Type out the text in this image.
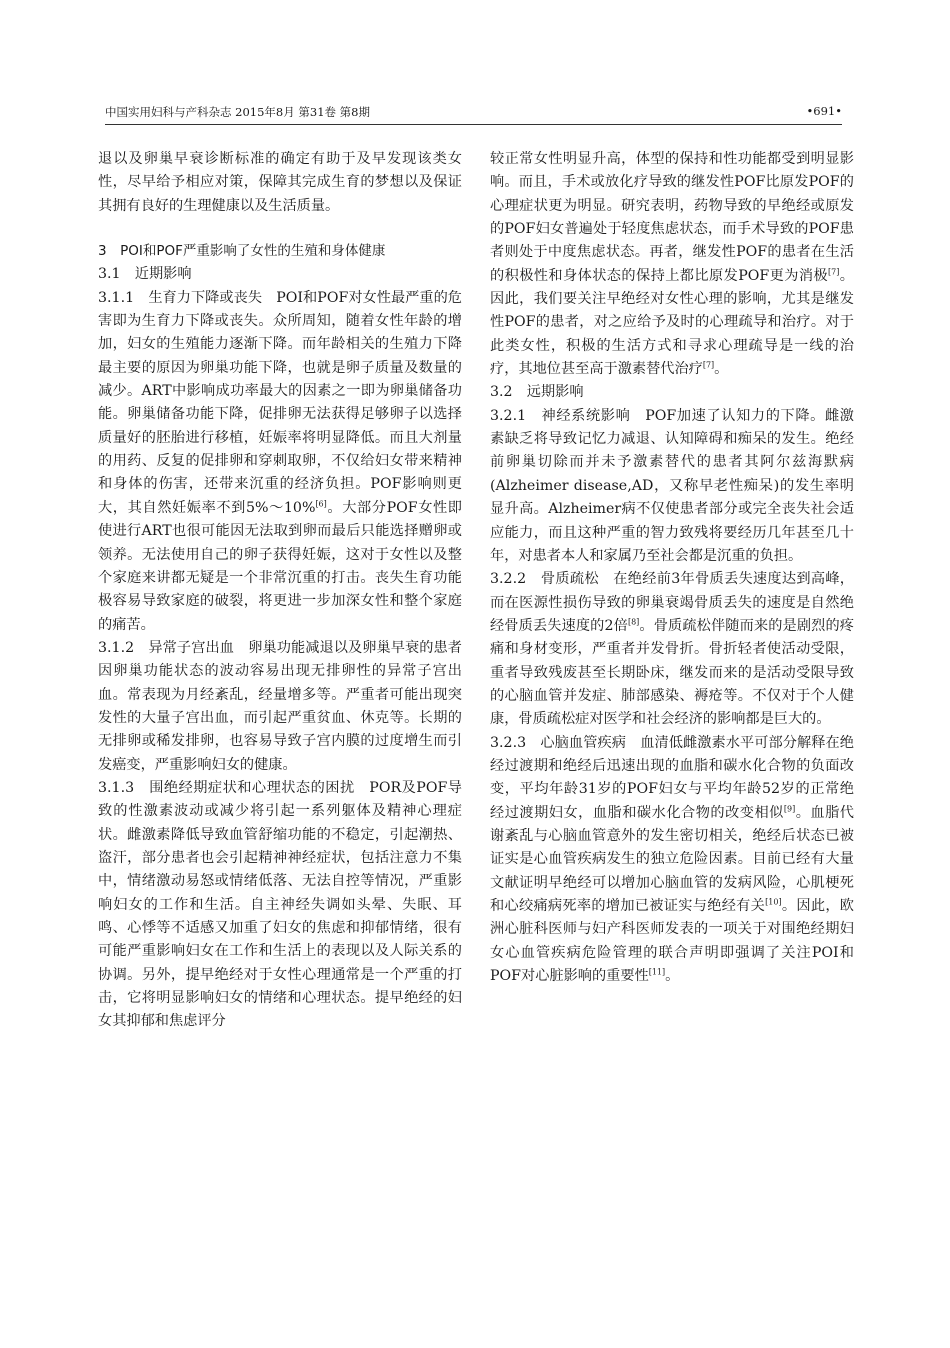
中国实用妇科与产科杂志 2015年8月 第31卷 第8期	•691•

退以及卵巢早衰诊断标准的确定有助于及早发现该类女性，尽早给予相应对策，保障其完成生育的梦想以及保证其拥有良好的生理健康以及生活质量。

3　POI和POF严重影响了女性的生殖和身体健康

3.1　近期影响

3.1.1　生育力下降或丧失　POI和POF对女性最严重的危害即为生育力下降或丧失。众所周知，随着女性年龄的增加，妇女的生殖能力逐渐下降。而年龄相关的生殖力下降最主要的原因为卵巢功能下降，也就是卵子质量及数量的减少。ART中影响成功率最大的因素之一即为卵巢储备功能。卵巢储备功能下降，促排卵无法获得足够卵子以选择质量好的胚胎进行移植，妊娠率将明显降低。而且大剂量的用药、反复的促排卵和穿刺取卵，不仅给妇女带来精神和身体的伤害，还带来沉重的经济负担。POF影响则更大，其自然妊娠率不到5%～10%[6]。大部分POF女性即使进行ART也很可能因无法取到卵而最后只能选择赠卵或领养。无法使用自己的卵子获得妊娠，这对于女性以及整个家庭来讲都无疑是一个非常沉重的打击。丧失生育功能极容易导致家庭的破裂，将更进一步加深女性和整个家庭的痛苦。

3.1.2　异常子宫出血　卵巢功能减退以及卵巢早衰的患者因卵巢功能状态的波动容易出现无排卵性的异常子宫出血。常表现为月经紊乱，经量增多等。严重者可能出现突发性的大量子宫出血，而引起严重贫血、休克等。长期的无排卵或稀发排卵，也容易导致子宫内膜的过度增生而引发癌变，严重影响妇女的健康。

3.1.3　围绝经期症状和心理状态的困扰　POR及POF导致的性激素波动或减少将引起一系列躯体及精神心理症状。雌激素降低导致血管舒缩功能的不稳定，引起潮热、盗汗，部分患者也会引起精神神经症状，包括注意力不集中，情绪激动易怒或情绪低落、无法自控等情况，严重影响妇女的工作和生活。自主神经失调如头晕、失眠、耳鸣、心悸等不适感又加重了妇女的焦虑和抑郁情绪，很有可能严重影响妇女在工作和生活上的表现以及人际关系的协调。另外，提早绝经对于女性心理通常是一个严重的打击，它将明显影响妇女的情绪和心理状态。提早绝经的妇女其抑郁和焦虑评分

较正常女性明显升高，体型的保持和性功能都受到明显影响。而且，手术或放化疗导致的继发性POF比原发POF的心理症状更为明显。研究表明，药物导致的早绝经或原发的POF妇女普遍处于轻度焦虑状态，而手术导致的POF患者则处于中度焦虑状态。再者，继发性POF的患者在生活的积极性和身体状态的保持上都比原发POF更为消极[7]。因此，我们要关注早绝经对女性心理的影响，尤其是继发性POF的患者，对之应给予及时的心理疏导和治疗。对于此类女性，积极的生活方式和寻求心理疏导是一线的治疗，其地位甚至高于激素替代治疗[7]。

3.2　远期影响

3.2.1　神经系统影响　POF加速了认知力的下降。雌激素缺乏将导致记忆力减退、认知障碍和痴呆的发生。绝经前卵巢切除而并未予激素替代的患者其阿尔兹海默病(Alzheimer disease,AD，又称早老性痴呆)的发生率明显升高。Alzheimer病不仅使患者部分或完全丧失社会适应能力，而且这种严重的智力致残将要经历几年甚至几十年，对患者本人和家属乃至社会都是沉重的负担。

3.2.2　骨质疏松　在绝经前3年骨质丢失速度达到高峰，而在医源性损伤导致的卵巢衰竭骨质丢失的速度是自然绝经骨质丢失速度的2倍[8]。骨质疏松伴随而来的是剧烈的疼痛和身材变形，严重者并发骨折。骨折轻者使活动受限，重者导致残废甚至长期卧床，继发而来的是活动受限导致的心脑血管并发症、肺部感染、褥疮等。不仅对于个人健康，骨质疏松症对医学和社会经济的影响都是巨大的。

3.2.3　心脑血管疾病　血清低雌激素水平可部分解释在绝经过渡期和绝经后迅速出现的血脂和碳水化合物的负面改变，平均年龄31岁的POF妇女与平均年龄52岁的正常绝经过渡期妇女，血脂和碳水化合物的改变相似[9]。血脂代谢紊乱与心脑血管意外的发生密切相关，绝经后状态已被证实是心血管疾病发生的独立危险因素。目前已经有大量文献证明早绝经可以增加心脑血管的发病风险，心肌梗死和心绞痛病死率的增加已被证实与绝经有关[10]。因此，欧洲心脏科医师与妇产科医师发表的一项关于对围绝经期妇女心血管疾病危险管理的联合声明即强调了关注POI和POF对心脏影响的重要性[11]。
